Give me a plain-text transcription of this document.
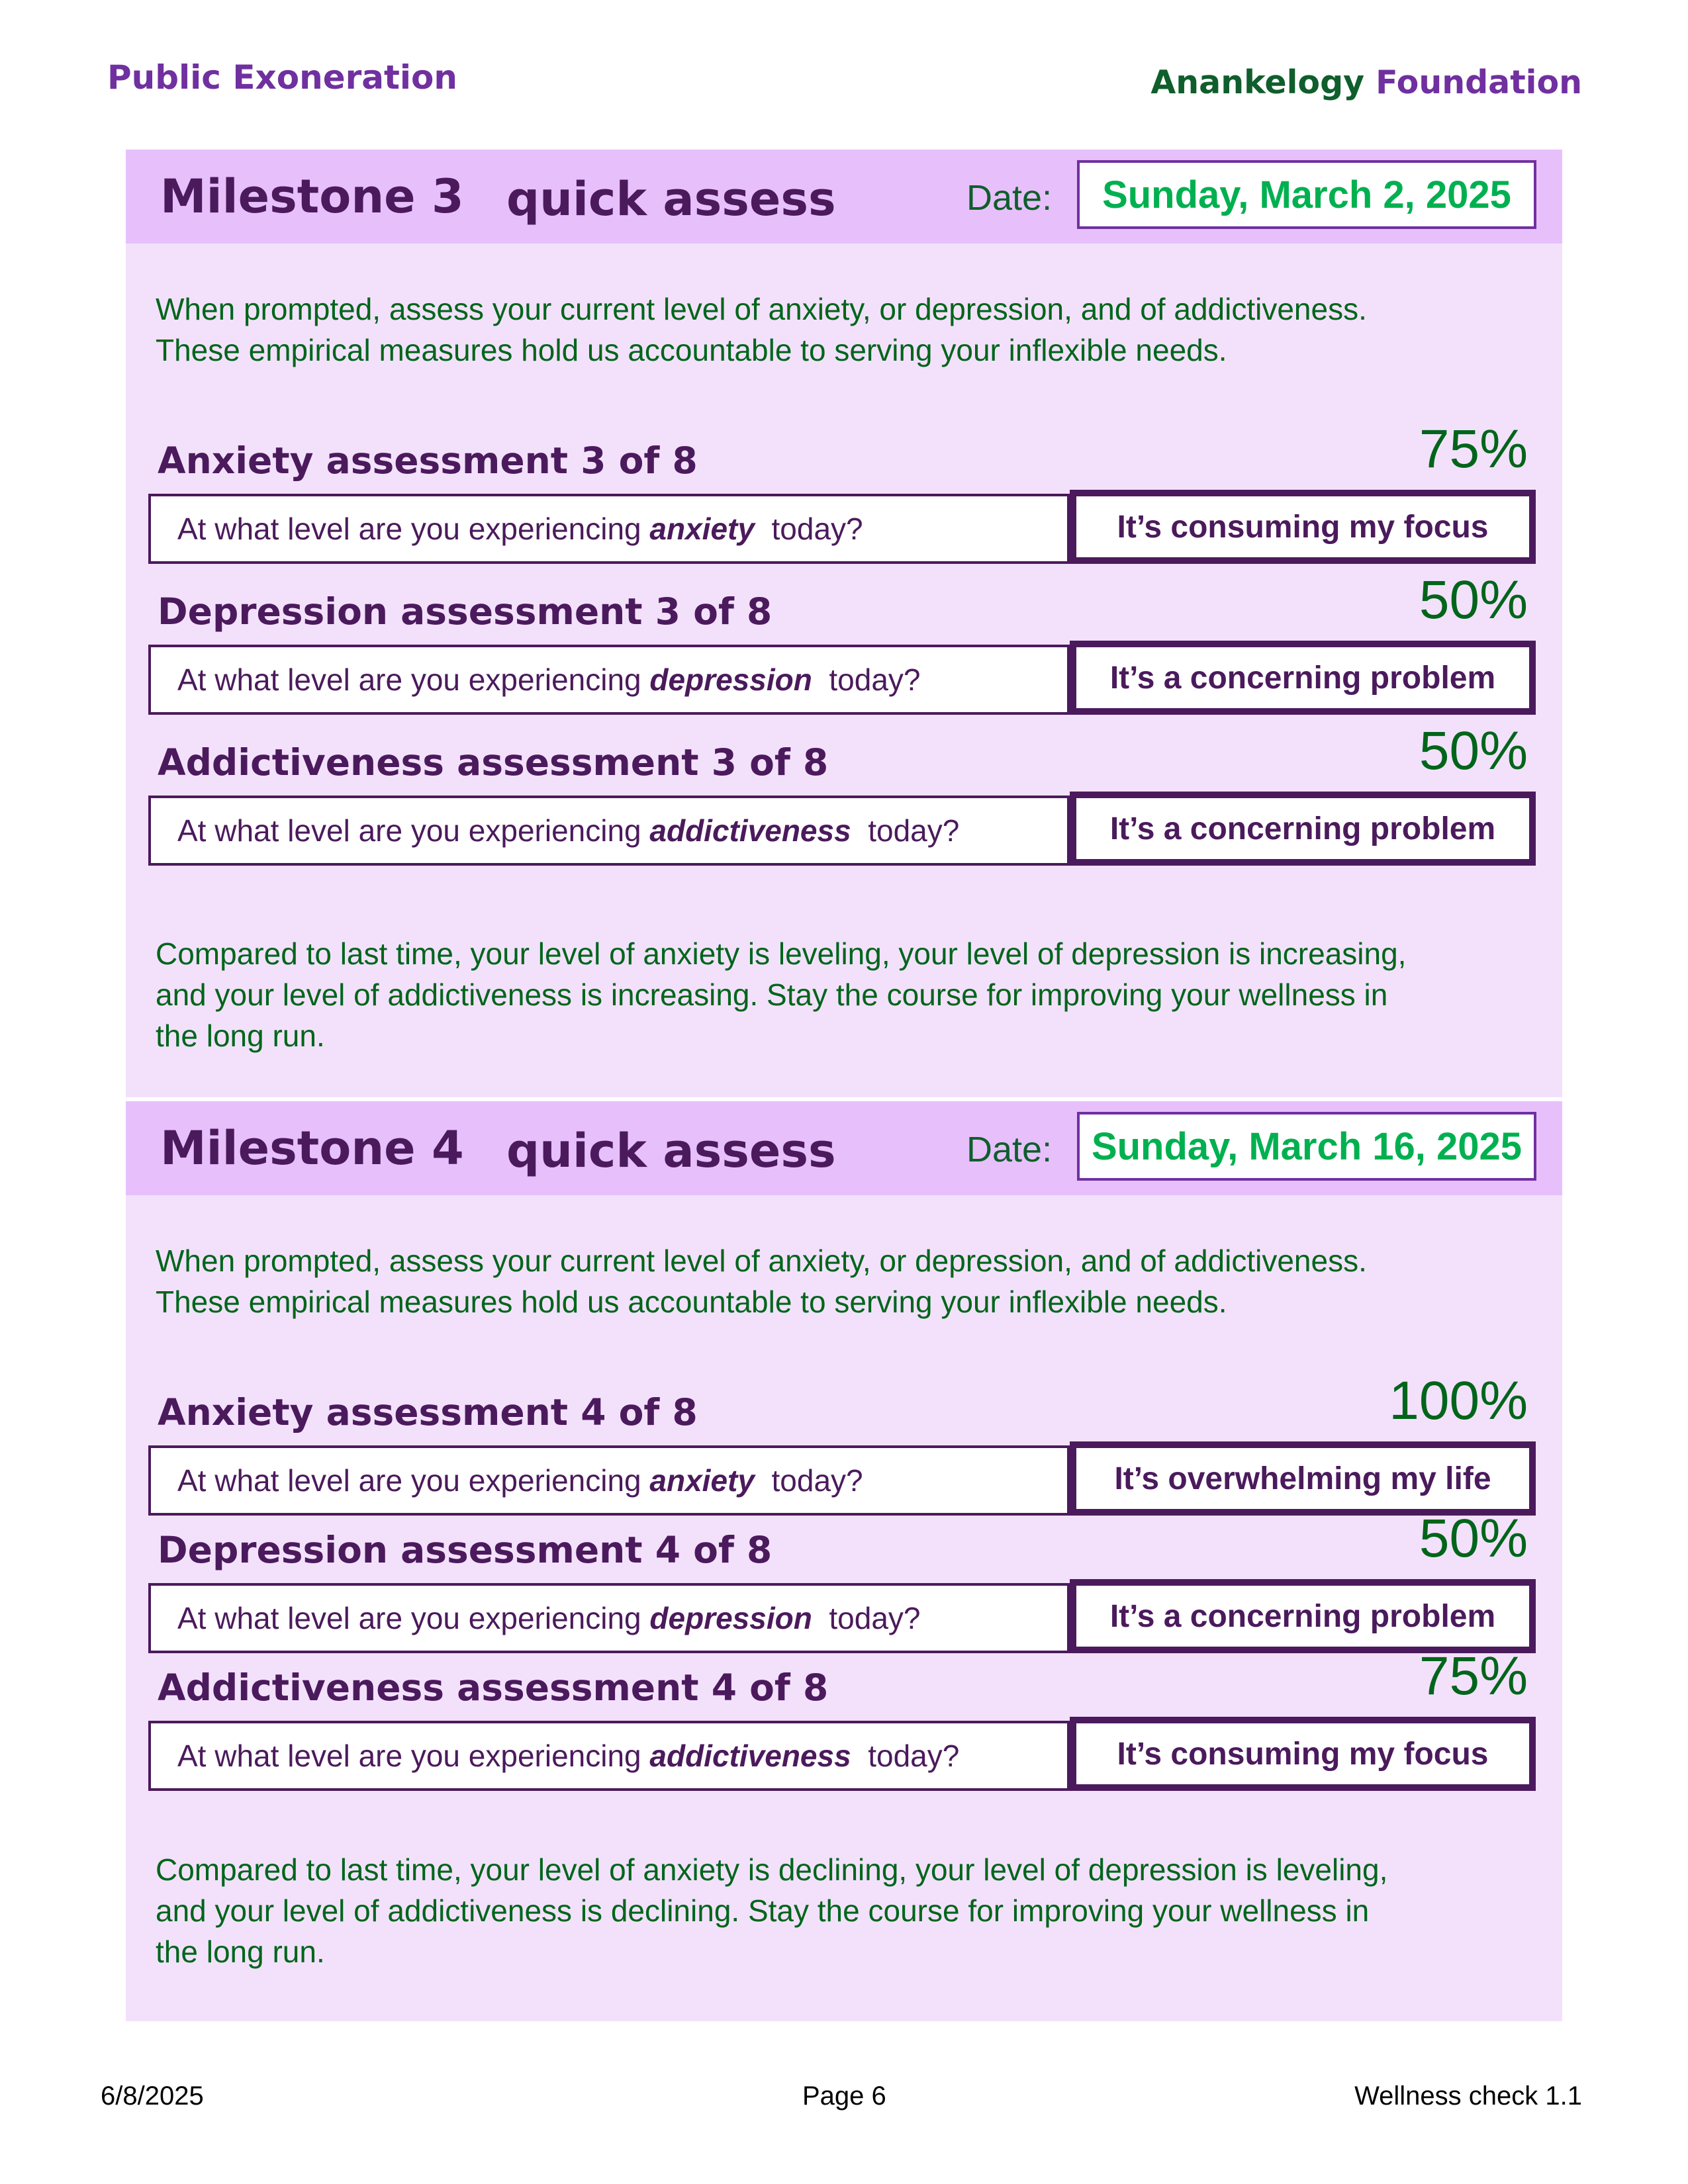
Public Exoneration	Anankelogy Foundation
Milestone 3 quick assess	Date:	Sunday, March 2, 2025
When prompted, assess your current level of anxiety, or depression, and of addictiveness.
These empirical measures hold us accountable to serving your inflexible needs.
Anxiety assessment 3 of 8	75%
At what level are you experiencing anxiety today?	It’s consuming my focus
Depression assessment 3 of 8	50%
At what level are you experiencing depression today?	It’s a concerning problem
Addictiveness assessment 3 of 8	50%
At what level are you experiencing addictiveness today?	It’s a concerning problem
Compared to last time, your level of anxiety is leveling, your level of depression is increasing,
and your level of addictiveness is increasing. Stay the course for improving your wellness in
the long run.
Milestone 4 quick assess	Date:	Sunday, March 16, 2025
When prompted, assess your current level of anxiety, or depression, and of addictiveness.
These empirical measures hold us accountable to serving your inflexible needs.
Anxiety assessment 4 of 8	100%
At what level are you experiencing anxiety today?	It’s overwhelming my life
Depression assessment 4 of 8	50%
At what level are you experiencing depression today?	It’s a concerning problem
Addictiveness assessment 4 of 8	75%
At what level are you experiencing addictiveness today?	It’s consuming my focus
Compared to last time, your level of anxiety is declining, your level of depression is leveling,
and your level of addictiveness is declining. Stay the course for improving your wellness in
the long run.
6/8/2025	Page 6	Wellness check 1.1
